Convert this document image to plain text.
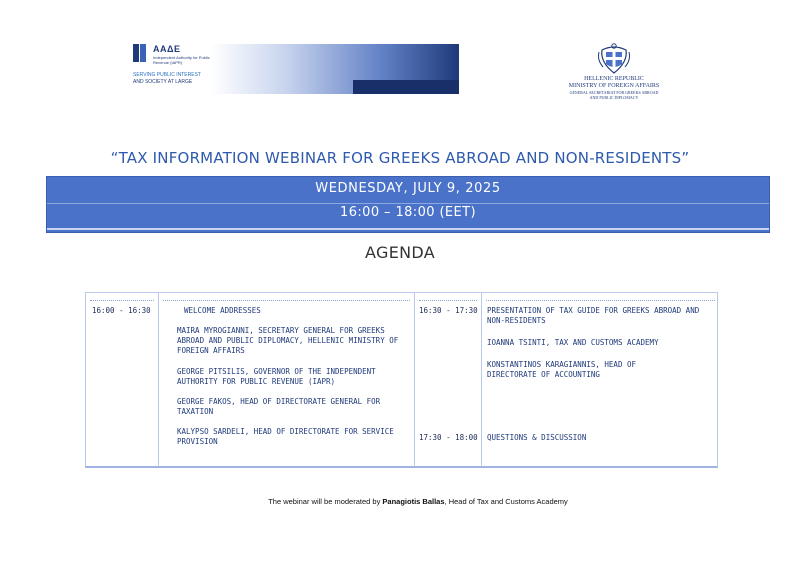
ΑΑΔΕ
Independent Authority for Public Revenue (IAPR)
SERVING PUBLIC INTEREST
AND SOCIETY AT LARGE	HELLENIC REPUBLIC
MINISTRY OF FOREIGN AFFAIRS
GENERAL SECRETARIAT FOR GREEKS ABROAD
AND PUBLIC DIPLOMACY
“TAX INFORMATION WEBINAR FOR GREEKS ABROAD AND NON-RESIDENTS”
WEDNESDAY, JULY 9, 2025
16:00 – 18:00 (EET)
AGENDA
16:00 - 16:30	WELCOME ADDRESSES
MAIRA MYROGIANNI, SECRETARY GENERAL FOR GREEKS ABROAD AND PUBLIC DIPLOMACY, HELLENIC MINISTRY OF FOREIGN AFFAIRS
GEORGE PITSILIS, GOVERNOR OF THE INDEPENDENT AUTHORITY FOR PUBLIC REVENUE (IAPR)
GEORGE FAKOS, HEAD OF DIRECTORATE GENERAL FOR TAXATION
KALYPSO SARDELI, HEAD OF DIRECTORATE FOR SERVICE PROVISION
16:30 - 17:30
17:30 - 18:00
PRESENTATION OF TAX GUIDE FOR GREEKS ABROAD AND NON-RESIDENTS
IOANNA TSINTI, TAX AND CUSTOMS ACADEMY
KONSTANTINOS KARAGIANNIS, HEAD OF DIRECTORATE OF ACCOUNTING
QUESTIONS & DISCUSSION
The webinar will be moderated by Panagiotis Ballas, Head of Tax and Customs Academy
